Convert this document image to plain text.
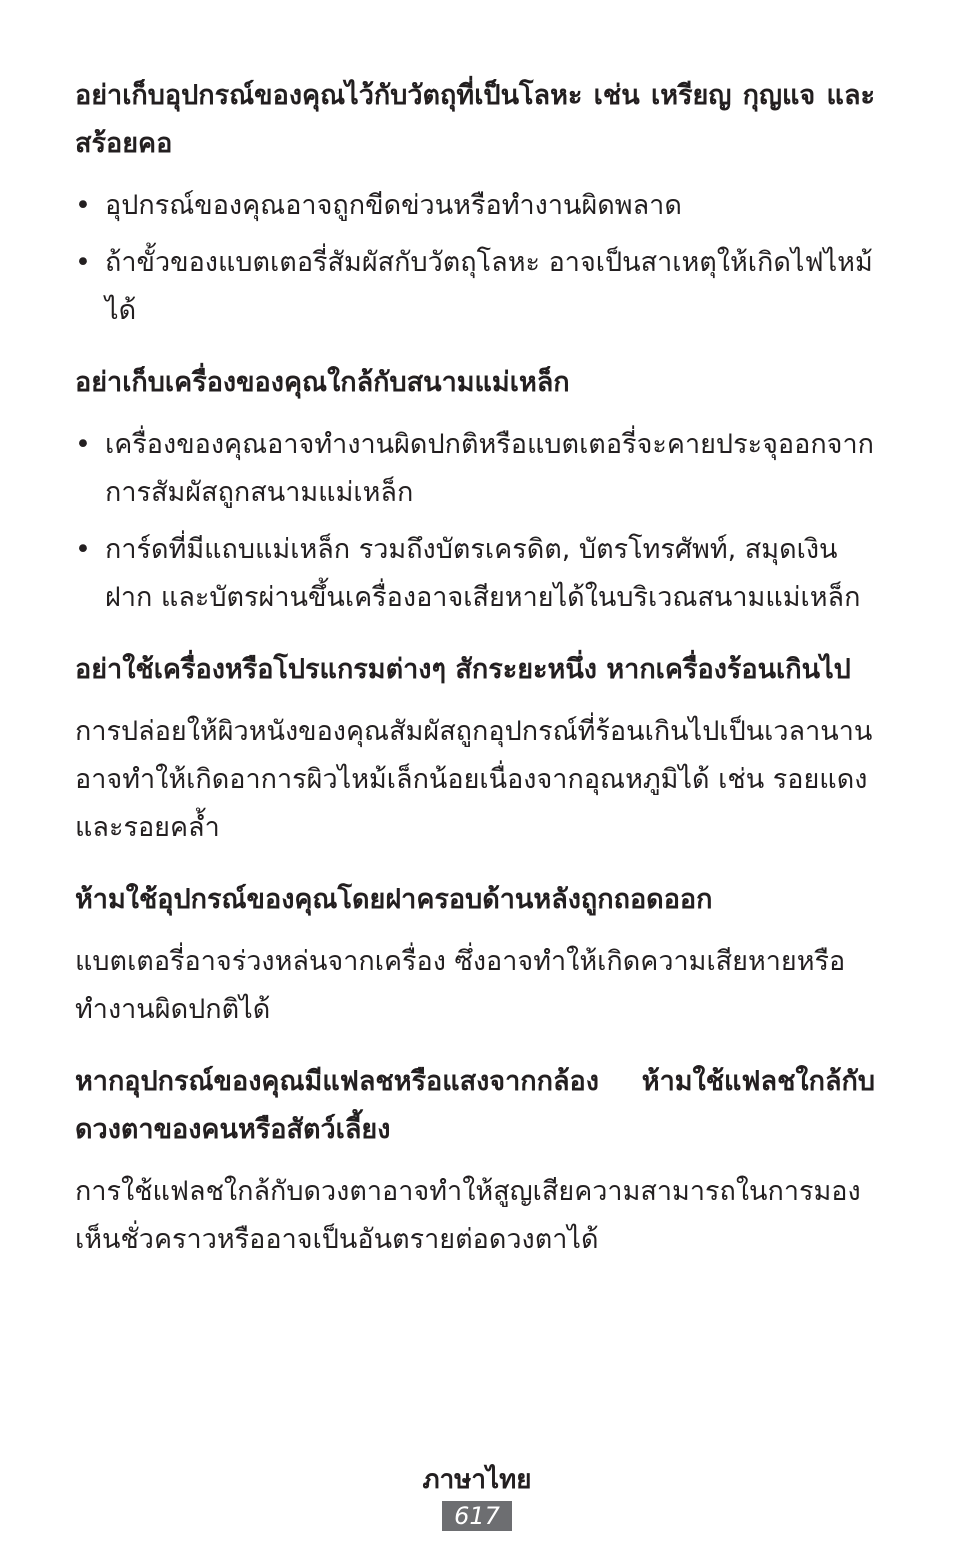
อย่าเก็บอุปกรณ์ของคุณไว้กับวัตถุที่เป็นโลหะ เช่น เหรียญ กุญแจ และสร้อยคอ

• อุปกรณ์ของคุณอาจถูกขีดข่วนหรือทำงานผิดพลาด
• ถ้าขั้วของแบตเตอรี่สัมผัสกับวัตถุโลหะ อาจเป็นสาเหตุให้เกิดไฟไหม้ได้

อย่าเก็บเครื่องของคุณใกล้กับสนามแม่เหล็ก

• เครื่องของคุณอาจทำงานผิดปกติหรือแบตเตอรี่จะคายประจุออกจากการสัมผัสถูกสนามแม่เหล็ก
• การ์ดที่มีแถบแม่เหล็ก รวมถึงบัตรเครดิต, บัตรโทรศัพท์, สมุดเงินฝาก และบัตรผ่านขึ้นเครื่องอาจเสียหายได้ในบริเวณสนามแม่เหล็ก

อย่าใช้เครื่องหรือโปรแกรมต่างๆ สักระยะหนึ่ง หากเครื่องร้อนเกินไป

การปล่อยให้ผิวหนังของคุณสัมผัสถูกอุปกรณ์ที่ร้อนเกินไปเป็นเวลานานอาจทำให้เกิดอาการผิวไหม้เล็กน้อยเนื่องจากอุณหภูมิได้ เช่น รอยแดงและรอยคล้ำ

ห้ามใช้อุปกรณ์ของคุณโดยฝาครอบด้านหลังถูกถอดออก

แบตเตอรี่อาจร่วงหล่นจากเครื่อง ซึ่งอาจทำให้เกิดความเสียหายหรือทำงานผิดปกติได้

หากอุปกรณ์ของคุณมีแฟลชหรือแสงจากกล้อง ห้ามใช้แฟลชใกล้กับดวงตาของคนหรือสัตว์เลี้ยง

การใช้แฟลชใกล้กับดวงตาอาจทำให้สูญเสียความสามารถในการมองเห็นชั่วคราวหรืออาจเป็นอันตรายต่อดวงตาได้

ภาษาไทย
617
